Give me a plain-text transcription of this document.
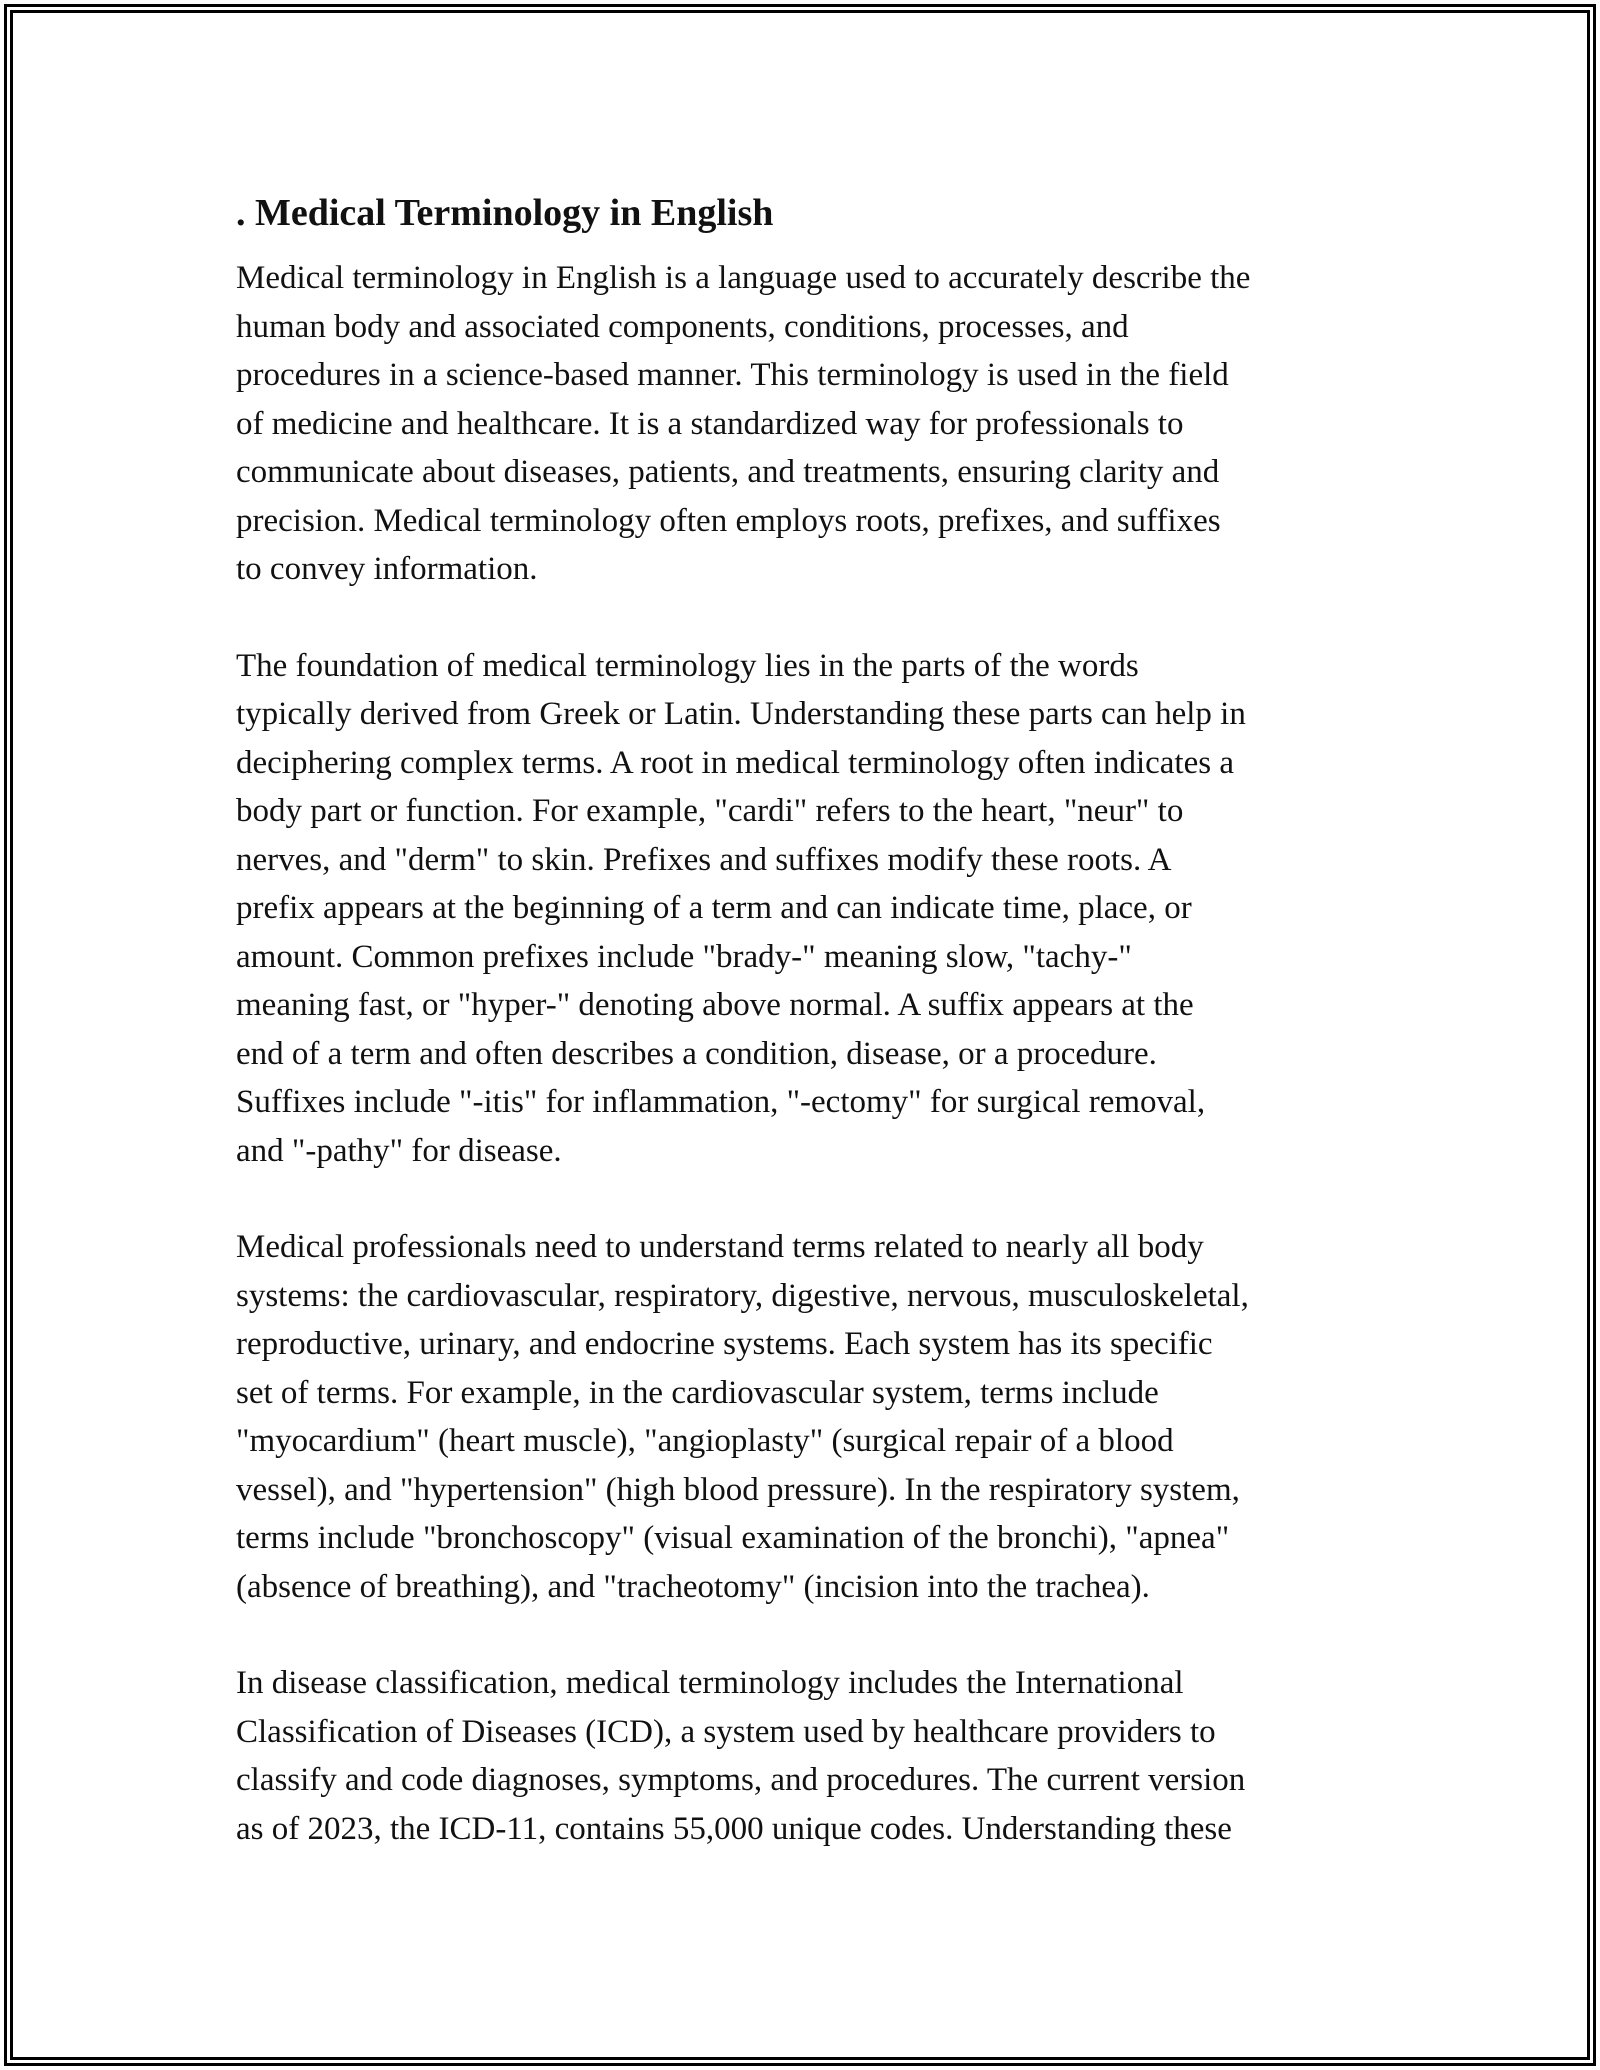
. Medical Terminology in English
Medical terminology in English is a language used to accurately describe the
human body and associated components, conditions, processes, and
procedures in a science-based manner. This terminology is used in the field
of medicine and healthcare. It is a standardized way for professionals to
communicate about diseases, patients, and treatments, ensuring clarity and
precision. Medical terminology often employs roots, prefixes, and suffixes
to convey information.
The foundation of medical terminology lies in the parts of the words
typically derived from Greek or Latin. Understanding these parts can help in
deciphering complex terms. A root in medical terminology often indicates a
body part or function. For example, "cardi" refers to the heart, "neur" to
nerves, and "derm" to skin. Prefixes and suffixes modify these roots. A
prefix appears at the beginning of a term and can indicate time, place, or
amount. Common prefixes include "brady-" meaning slow, "tachy-"
meaning fast, or "hyper-" denoting above normal. A suffix appears at the
end of a term and often describes a condition, disease, or a procedure.
Suffixes include "-itis" for inflammation, "-ectomy" for surgical removal,
and "-pathy" for disease.
Medical professionals need to understand terms related to nearly all body
systems: the cardiovascular, respiratory, digestive, nervous, musculoskeletal,
reproductive, urinary, and endocrine systems. Each system has its specific
set of terms. For example, in the cardiovascular system, terms include
"myocardium" (heart muscle), "angioplasty" (surgical repair of a blood
vessel), and "hypertension" (high blood pressure). In the respiratory system,
terms include "bronchoscopy" (visual examination of the bronchi), "apnea"
(absence of breathing), and "tracheotomy" (incision into the trachea).
In disease classification, medical terminology includes the International
Classification of Diseases (ICD), a system used by healthcare providers to
classify and code diagnoses, symptoms, and procedures. The current version
as of 2023, the ICD-11, contains 55,000 unique codes. Understanding these
